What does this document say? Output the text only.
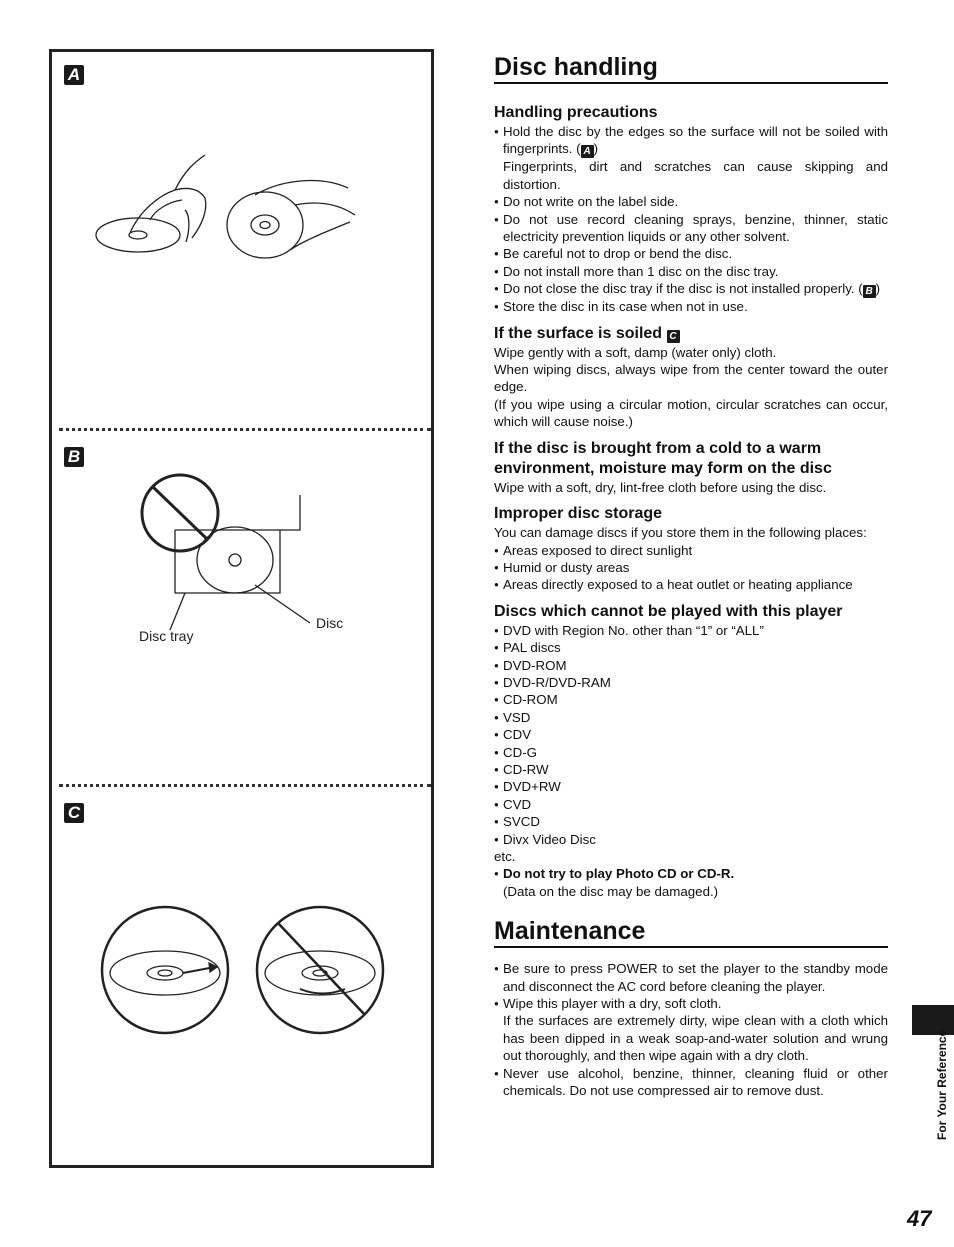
A
B
Disc tray
Disc
C
Disc handling
Handling precautions

● Hold the disc by the edges so the surface will not be soiled with fingerprints. ( A )

Fingerprints, dirt and scratches can cause skipping and distortion.

● Do not write on the label side.

● Do not use record cleaning sprays, benzine, thinner, static electricity prevention liquids or any other solvent.

● Be careful not to drop or bend the disc.

● Do not install more than 1 disc on the disc tray.

● Do not close the disc tray if the disc is not installed properly. ( B )

● Store the disc in its case when not in use.

If the surface is soiled C

Wipe gently with a soft, damp (water only) cloth.

When wiping discs, always wipe from the center toward the outer edge.

(If you wipe using a circular motion, circular scratches can occur, which will cause noise.)

If the disc is brought from a cold to a warm environment, moisture may form on the disc

Wipe with a soft, dry, lint-free cloth before using the disc.

Improper disc storage

You can damage discs if you store them in the following places:

● Areas exposed to direct sunlight

● Humid or dusty areas

● Areas directly exposed to a heat outlet or heating appliance

Discs which cannot be played with this player

● DVD with Region No. other than “1” or “ALL”

● PAL discs

● DVD-ROM

● DVD-R/DVD-RAM

● CD-ROM

● VSD

● CDV

● CD-G

● CD-RW

● DVD+RW

● CVD

● SVCD

● Divx Video Disc

etc.

● Do not try to play Photo CD or CD-R.

(Data on the disc may be damaged.)

Maintenance

● Be sure to press POWER to set the player to the standby mode and disconnect the AC cord before cleaning the player.

● Wipe this player with a dry, soft cloth.

If the surfaces are extremely dirty, wipe clean with a cloth which has been dipped in a weak soap-and-water solution and wrung out thoroughly, and then wipe again with a dry cloth.

● Never use alcohol, benzine, thinner, cleaning fluid or other chemicals. Do not use compressed air to remove dust.	For Your Reference
47
